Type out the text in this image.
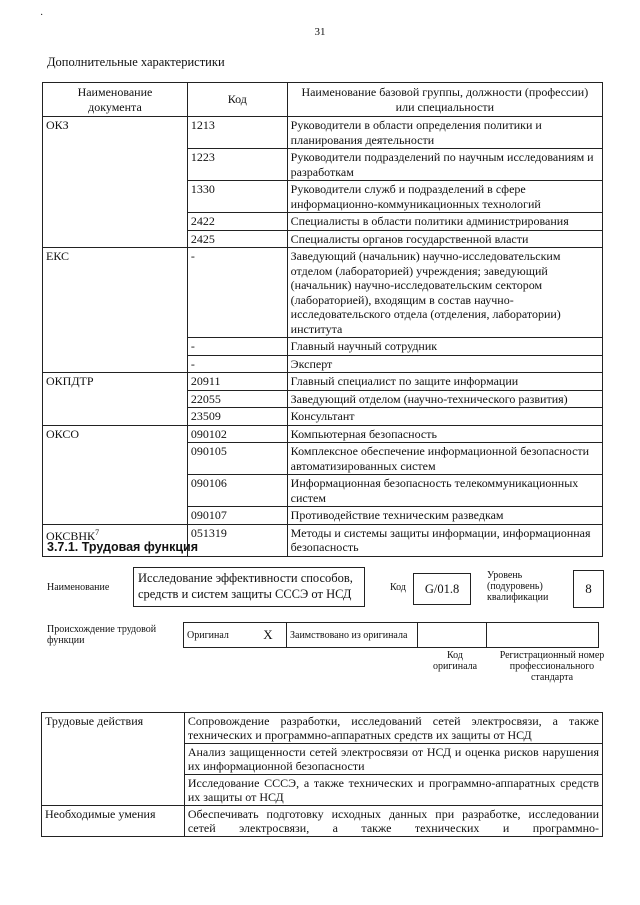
·
31
Дополнительные характеристики
Наименование документа	Код	Наименование базовой группы, должности (профессии) или специальности
ОКЗ	1213	Руководители в области определения политики и планирования деятельности
	1223	Руководители подразделений по научным исследованиям и разработкам
	1330	Руководители служб и подразделений в сфере информационно-коммуникационных технологий
	2422	Специалисты в области политики администрирования
	2425	Специалисты органов государственной власти
ЕКС	-	Заведующий (начальник) научно-исследовательским отделом (лабораторией) учреждения; заведующий (начальник) научно-исследовательским сектором (лабораторией), входящим в состав научно-исследовательского отдела (отделения, лаборатории) института
	-	Главный научный сотрудник
	-	Эксперт
ОКПДТР	20911	Главный специалист по защите информации
	22055	Заведующий отделом (научно-технического развития)
	23509	Консультант
ОКСО	090102	Компьютерная безопасность
	090105	Комплексное обеспечение информационной безопасности автоматизированных систем
	090106	Информационная безопасность телекоммуникационных систем
	090107	Противодействие техническим разведкам
ОКСВНК$^7$	051319	Методы и системы защиты информации, информационная безопасность
3.7.1. Трудовая функция
Наименование
Исследование эффективности способов, средств и систем защиты СССЭ от НСД	Код	G/01.8
Уровень (подуровень) квалификации
8
Происхождение трудовой функции	Оригинал	X	Заимствовано из оригинала		
Код оригинала
Регистрационный номер профессионального стандарта
Трудовые действия	Сопровождение разработки, исследований сетей электросвязи, а также технических и программно-аппаратных средств их защиты от НСД
	Анализ защищенности сетей электросвязи от НСД и оценка рисков нарушения их информационной безопасности
	Исследование СССЭ, а также технических и программно-аппаратных средств их защиты от НСД
Необходимые умения	Обеспечивать подготовку исходных данных при разработке, исследовании сетей электросвязи, а также технических и программно-
